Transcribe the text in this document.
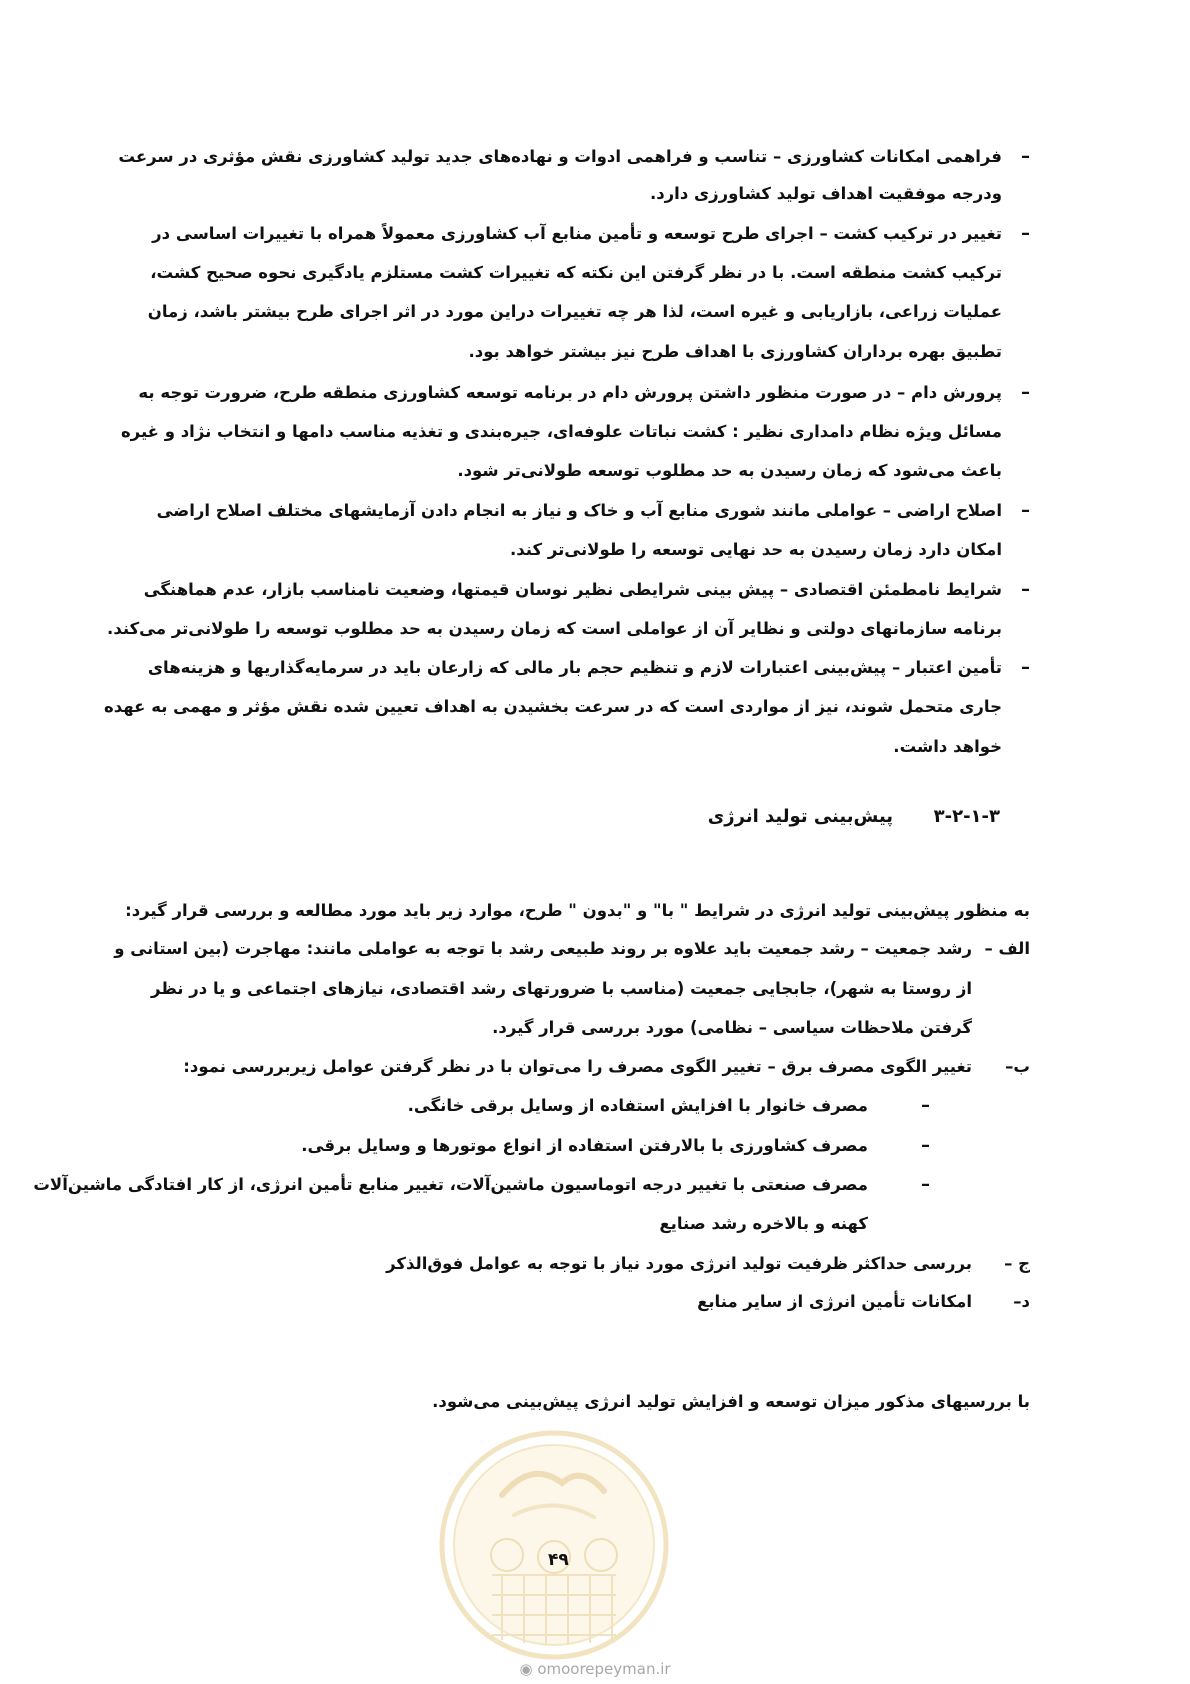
–
فراهمی امکانات کشاورزی – تناسب و فراهمی ادوات و نهاده‌های جدید تولید کشاورزی نقش مؤثری در سرعت
ودرجه موفقیت اهداف تولید کشاورزی دارد.
–
تغییر در ترکیب کشت – اجرای طرح توسعه و تأمین منابع آب کشاورزی معمولاً همراه با تغییرات اساسی در
ترکیب کشت منطقه است. با در نظر گرفتن این نکته که تغییرات کشت مستلزم یادگیری نحوه صحیح کشت،
عملیات زراعی، بازاریابی و غیره است، لذا هر چه تغییرات دراین مورد در اثر اجرای طرح بیشتر باشد، زمان
تطبیق بهره برداران کشاورزی با اهداف طرح نیز بیشتر خواهد بود.
–
پرورش دام – در صورت منظور داشتن پرورش دام در برنامه توسعه کشاورزی منطقه طرح، ضرورت توجه به
مسائل ویژه نظام دامداری نظیر : کشت نباتات علوفه‌ای، جیره‌بندی و تغذیه مناسب دامها و انتخاب نژاد و غیره
باعث می‌شود که زمان رسیدن به حد مطلوب توسعه طولانی‌تر شود.
–
اصلاح اراضی – عواملی مانند شوری منابع آب و خاک و نیاز به انجام دادن آزمایشهای مختلف اصلاح اراضی
امکان دارد زمان رسیدن به حد نهایی توسعه را طولانی‌تر کند.
–
شرایط نامطمئن اقتصادی – پیش بینی شرایطی نظیر نوسان قیمتها، وضعیت نامناسب بازار، عدم هماهنگی
برنامه سازمانهای دولتی و نظایر آن از عواملی است که زمان رسیدن به حد مطلوب توسعه را طولانی‌تر می‌کند.
–
تأمین اعتبار – پیش‌بینی اعتبارات لازم و تنظیم حجم بار مالی که زارعان باید در سرمایه‌گذاریها و هزینه‌های
جاری متحمل شوند، نیز از مواردی است که در سرعت بخشیدن به اهداف تعیین شده نقش مؤثر و مهمی به عهده
خواهد داشت.
۳-۲-۱-۳  پیش‌بینی تولید انرژی
به منظور پیش‌بینی تولید انرژی در شرایط " با" و "بدون " طرح، موارد زیر باید مورد مطالعه و بررسی قرار گیرد:
الف –
رشد جمعیت – رشد جمعیت باید علاوه بر روند طبیعی رشد با توجه به عواملی مانند: مهاجرت (بین استانی و
از روستا به شهر)، جابجایی جمعیت (مناسب با ضرورتهای رشد اقتصادی، نیازهای اجتماعی و یا در نظر
گرفتن ملاحظات سیاسی – نظامی) مورد بررسی قرار گیرد.
ب–
تغییر الگوی مصرف برق – تغییر الگوی مصرف را می‌توان با در نظر گرفتن عوامل زیربررسی نمود:
–
مصرف خانوار با افزایش استفاده از وسایل برقی خانگی.
–
مصرف کشاورزی با بالارفتن استفاده از انواع موتورها و وسایل برقی.
–
مصرف صنعتی با تغییر درجه اتوماسیون ماشین‌آلات، تغییر منابع تأمین انرژی، از کار افتادگی ماشین‌آلات
کهنه و بالاخره رشد صنایع
ج –
بررسی حداکثر ظرفیت تولید انرژی مورد نیاز با توجه به عوامل فوق‌الذکر
د–
امکانات تأمین انرژی از سایر منابع
با بررسیهای مذکور میزان توسعه و افزایش تولید انرژی پیش‌بینی می‌شود.
۴۹
◉ omoorepeyman.ir
